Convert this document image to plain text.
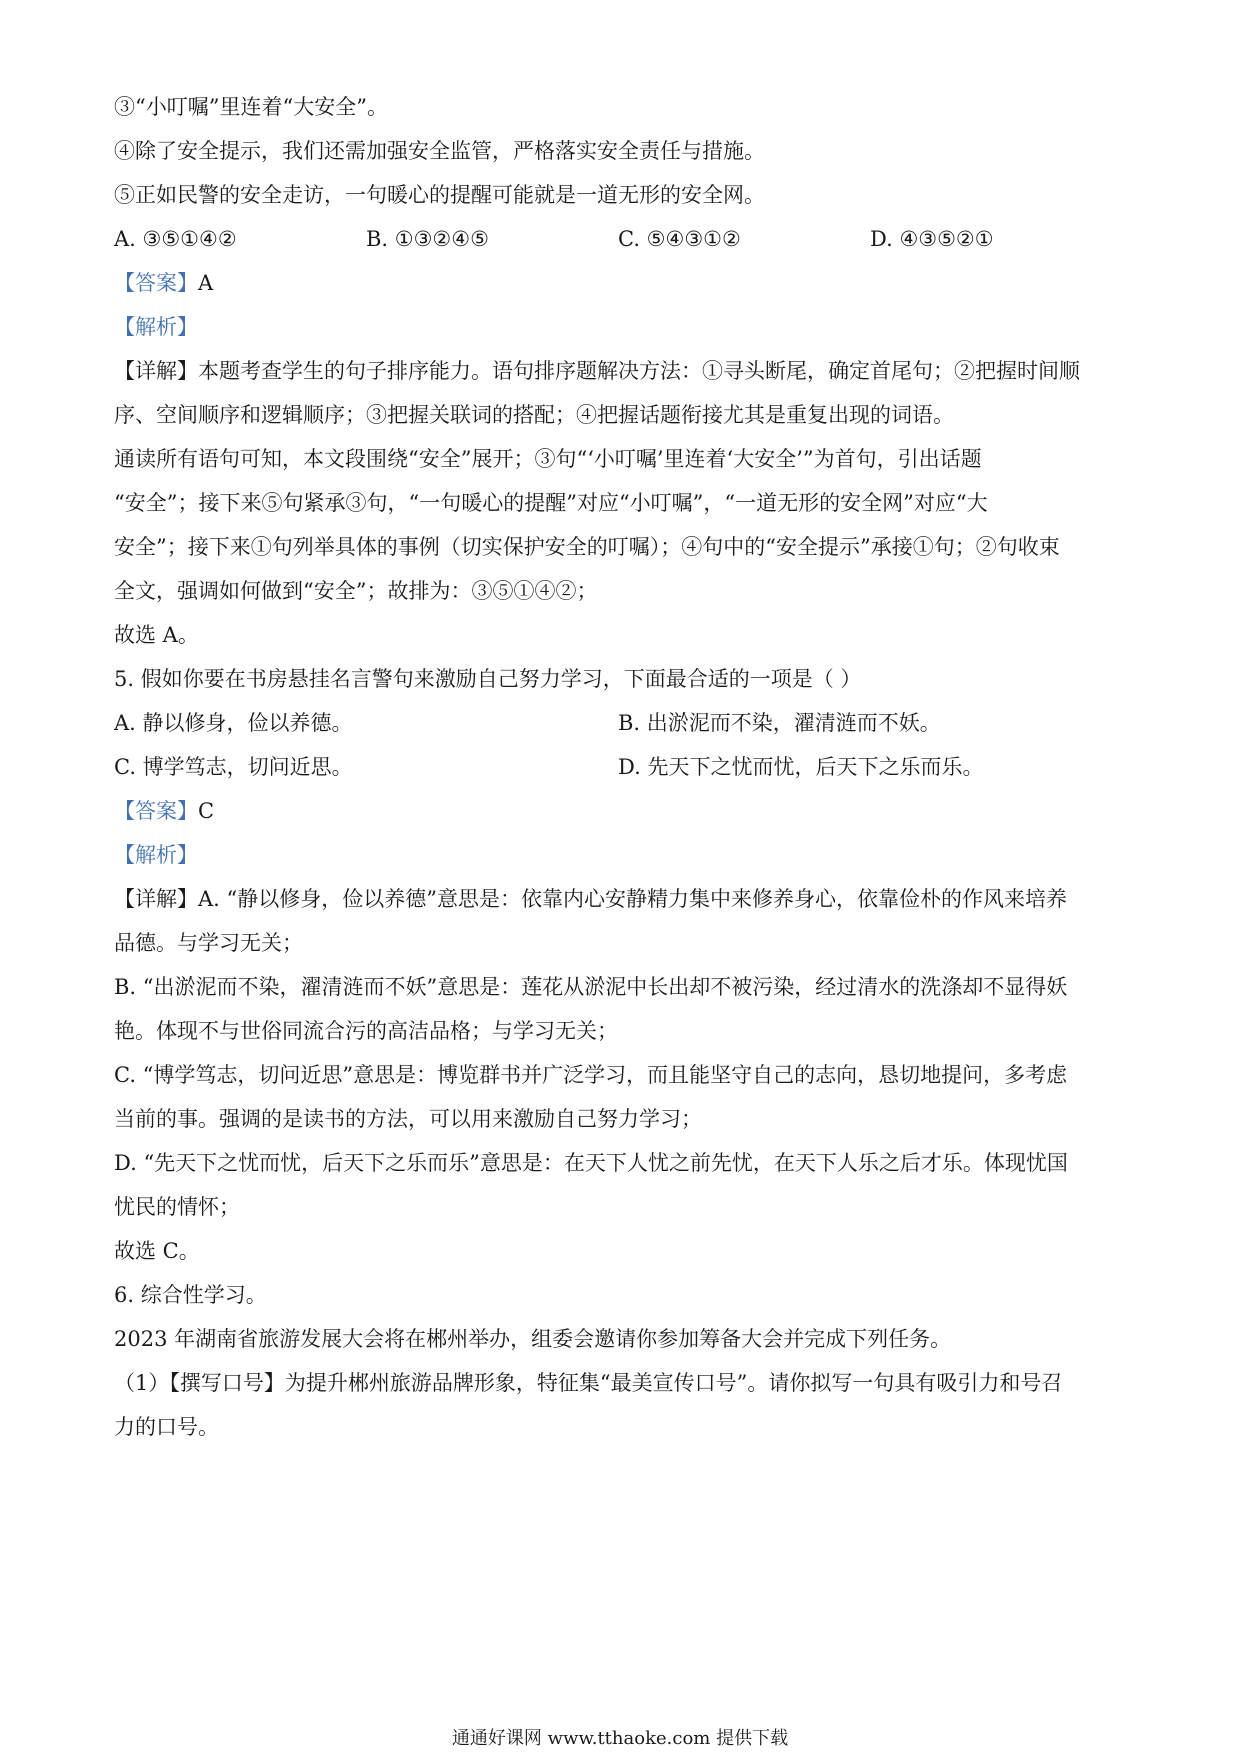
③“小叮嘱”里连着“大安全”。
④除了安全提示，我们还需加强安全监管，严格落实安全责任与措施。
⑤正如民警的安全走访，一句暖心的提醒可能就是一道无形的安全网。
A. ③⑤①④②	B. ①③②④⑤	C. ⑤④③①②	D. ④③⑤②①
【答案】A
【解析】
【详解】本题考查学生的句子排序能力。语句排序题解决方法：①寻头断尾，确定首尾句；②把握时间顺
序、空间顺序和逻辑顺序；③把握关联词的搭配；④把握话题衔接尤其是重复出现的词语。
通读所有语句可知，本文段围绕“安全”展开；③句“‘小叮嘱’里连着‘大安全’”为首句，引出话题
“安全”；接下来⑤句紧承③句，“一句暖心的提醒”对应“小叮嘱”，“一道无形的安全网”对应“大
安全”；接下来①句列举具体的事例（切实保护安全的叮嘱）；④句中的“安全提示”承接①句；②句收束
全文，强调如何做到“安全”；故排为：③⑤①④②；
故选 A。
5. 假如你要在书房悬挂名言警句来激励自己努力学习，下面最合适的一项是（ ）
A. 静以修身，俭以养德。	B. 出淤泥而不染，濯清涟而不妖。
C. 博学笃志，切问近思。	D. 先天下之忧而忧，后天下之乐而乐。
【答案】C
【解析】
【详解】A. “静以修身，俭以养德”意思是：依靠内心安静精力集中来修养身心，依靠俭朴的作风来培养
品德。与学习无关；
B. “出淤泥而不染，濯清涟而不妖”意思是：莲花从淤泥中长出却不被污染，经过清水的洗涤却不显得妖
艳。体现不与世俗同流合污的高洁品格；与学习无关；
C. “博学笃志，切问近思”意思是：博览群书并广泛学习，而且能坚守自己的志向，恳切地提问，多考虑
当前的事。强调的是读书的方法，可以用来激励自己努力学习；
D. “先天下之忧而忧，后天下之乐而乐”意思是：在天下人忧之前先忧，在天下人乐之后才乐。体现忧国
忧民的情怀；
故选 C。
6. 综合性学习。
2023 年湖南省旅游发展大会将在郴州举办，组委会邀请你参加筹备大会并完成下列任务。
（1）【撰写口号】为提升郴州旅游品牌形象，特征集“最美宣传口号”。请你拟写一句具有吸引力和号召
力的口号。
通通好课网 www.tthaoke.com 提供下载
